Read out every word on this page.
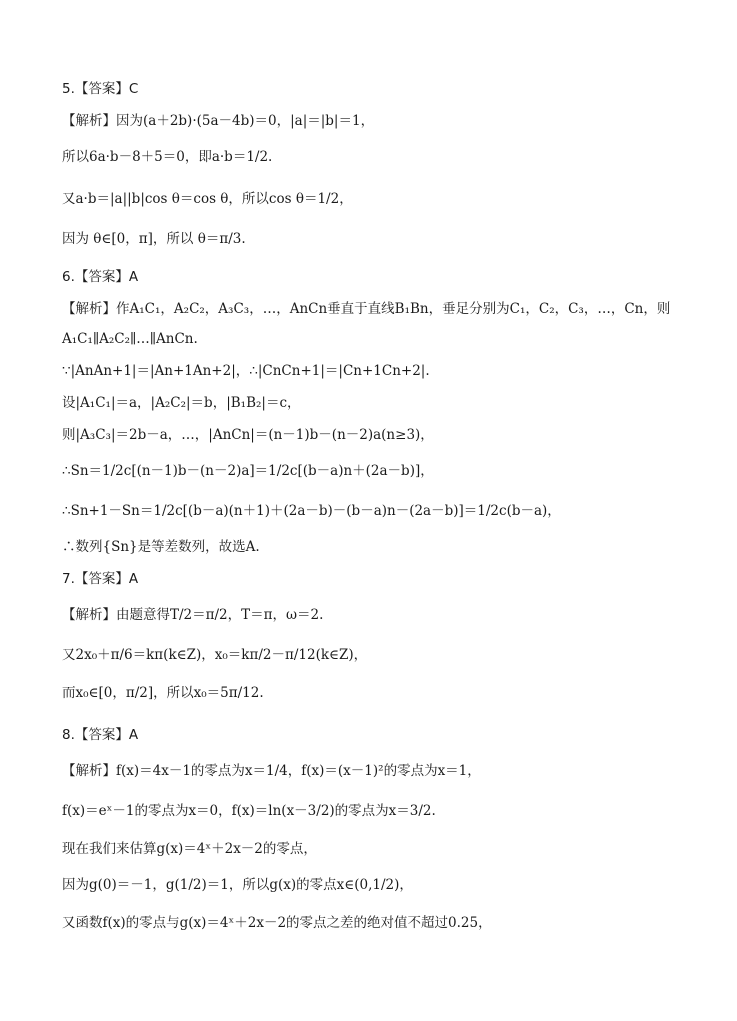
5.【答案】C
【解析】因为(a＋2b)·(5a－4b)＝0，|a|＝|b|＝1，
所以6a·b－8＋5＝0，即a·b＝1/2.
又a·b＝|a||b|cos θ＝cos θ，所以cos θ＝1/2，
因为 θ∈[0，π]，所以 θ＝π/3.
6.【答案】A
【解析】作A₁C₁，A₂C₂，A₃C₃，…，AnCn垂直于直线B₁Bn，垂足分别为C₁，C₂，C₃，…，Cn，则
A₁C₁∥A₂C₂∥…∥AnCn.
∵|AnAn+1|＝|An+1An+2|，∴|CnCn+1|＝|Cn+1Cn+2|.
设|A₁C₁|＝a，|A₂C₂|＝b，|B₁B₂|＝c，
则|A₃C₃|＝2b－a，…，|AnCn|＝(n－1)b－(n－2)a(n≥3)，
∴Sn＝1/2c[(n－1)b－(n－2)a]＝1/2c[(b－a)n＋(2a－b)]，
∴Sn+1－Sn＝1/2c[(b－a)(n＋1)＋(2a－b)－(b－a)n－(2a－b)]＝1/2c(b－a)，
∴数列{Sn}是等差数列，故选A.
7.【答案】A
【解析】由题意得T/2＝π/2，T＝π，ω＝2.
又2x₀＋π/6＝kπ(k∈Z)，x₀＝kπ/2－π/12(k∈Z)，
而x₀∈[0，π/2]，所以x₀＝5π/12.
8.【答案】A
【解析】f(x)＝4x－1的零点为x＝1/4，f(x)＝(x－1)²的零点为x＝1，
f(x)＝eˣ－1的零点为x＝0，f(x)＝ln(x－3/2)的零点为x＝3/2.
现在我们来估算g(x)＝4ˣ＋2x－2的零点，
因为g(0)＝－1，g(1/2)＝1，所以g(x)的零点x∈(0,1/2)，
又函数f(x)的零点与g(x)＝4ˣ＋2x－2的零点之差的绝对值不超过0.25，
